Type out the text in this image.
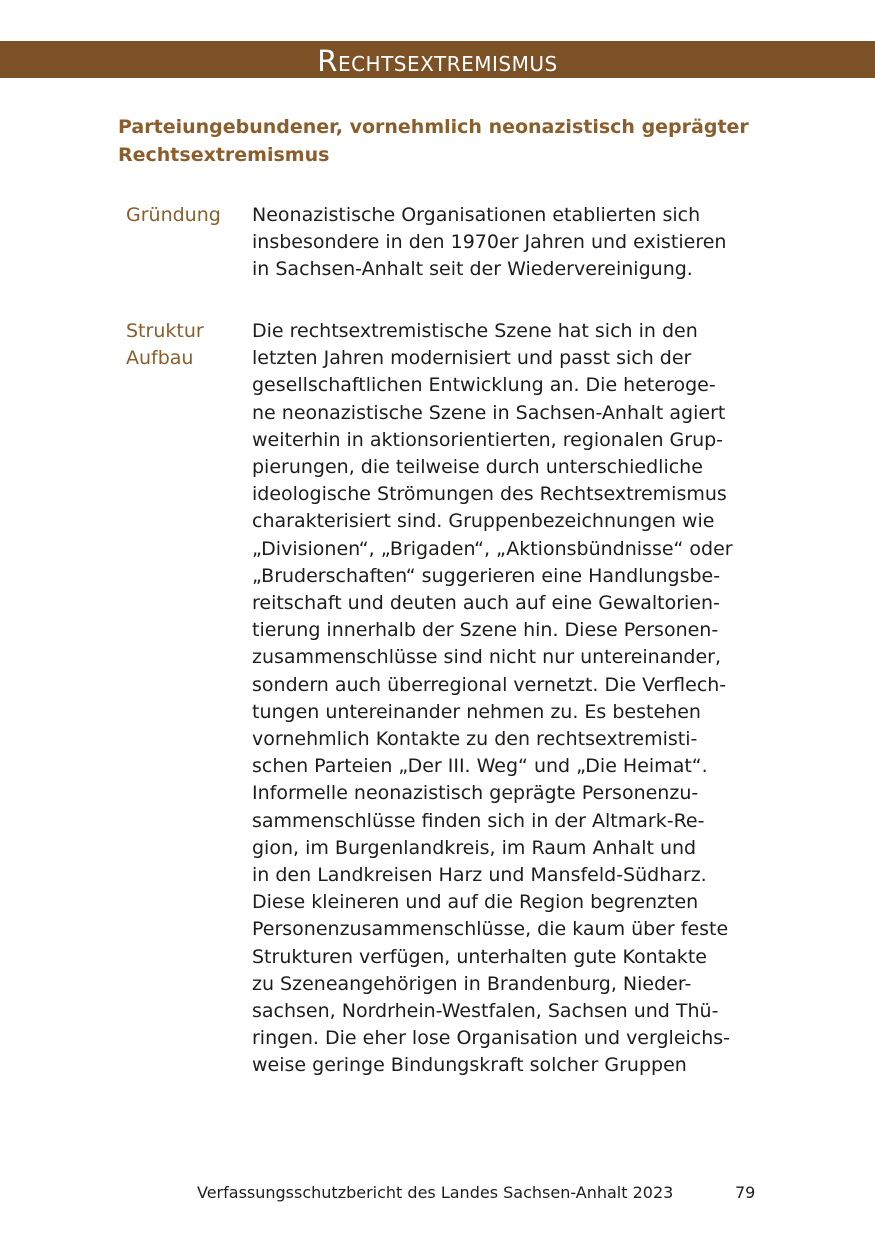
Rechtsextremismus
Parteiungebundener, vornehmlich neonazistisch geprägter
Rechtsextremismus
Gründung	Neonazistische Organisationen etablierten sich
insbesondere in den 1970er Jahren und existieren
in Sachsen-Anhalt seit der Wiedervereinigung.
Struktur
Aufbau
Die rechtsextremistische Szene hat sich in den
letzten Jahren modernisiert und passt sich der
gesellschaftlichen Entwicklung an. Die heteroge-
ne neonazistische Szene in Sachsen-Anhalt agiert
weiterhin in aktionsorientierten, regionalen Grup-
pierungen, die teilweise durch unterschiedliche
ideologische Strömungen des Rechtsextremismus
charakterisiert sind. Gruppenbezeichnungen wie
„Divisionen“, „Brigaden“, „Aktionsbündnisse“ oder
„Bruderschaften“ suggerieren eine Handlungsbe-
reitschaft und deuten auch auf eine Gewaltorien-
tierung innerhalb der Szene hin. Diese Personen-
zusammenschlüsse sind nicht nur untereinander,
sondern auch überregional vernetzt. Die Verflech-
tungen untereinander nehmen zu. Es bestehen
vornehmlich Kontakte zu den rechtsextremisti-
schen Parteien „Der III. Weg“ und „Die Heimat“.
Informelle neonazistisch geprägte Personenzu-
sammenschlüsse finden sich in der Altmark-Re-
gion, im Burgenlandkreis, im Raum Anhalt und
in den Landkreisen Harz und Mansfeld-Südharz.
Diese kleineren und auf die Region begrenzten
Personenzusammenschlüsse, die kaum über feste
Strukturen verfügen, unterhalten gute Kontakte
zu Szeneangehörigen in Brandenburg, Nieder-
sachsen, Nordrhein-Westfalen, Sachsen und Thü-
ringen. Die eher lose Organisation und vergleichs-
weise geringe Bindungskraft solcher Gruppen
Verfassungsschutzbericht des Landes Sachsen-Anhalt 2023	79
